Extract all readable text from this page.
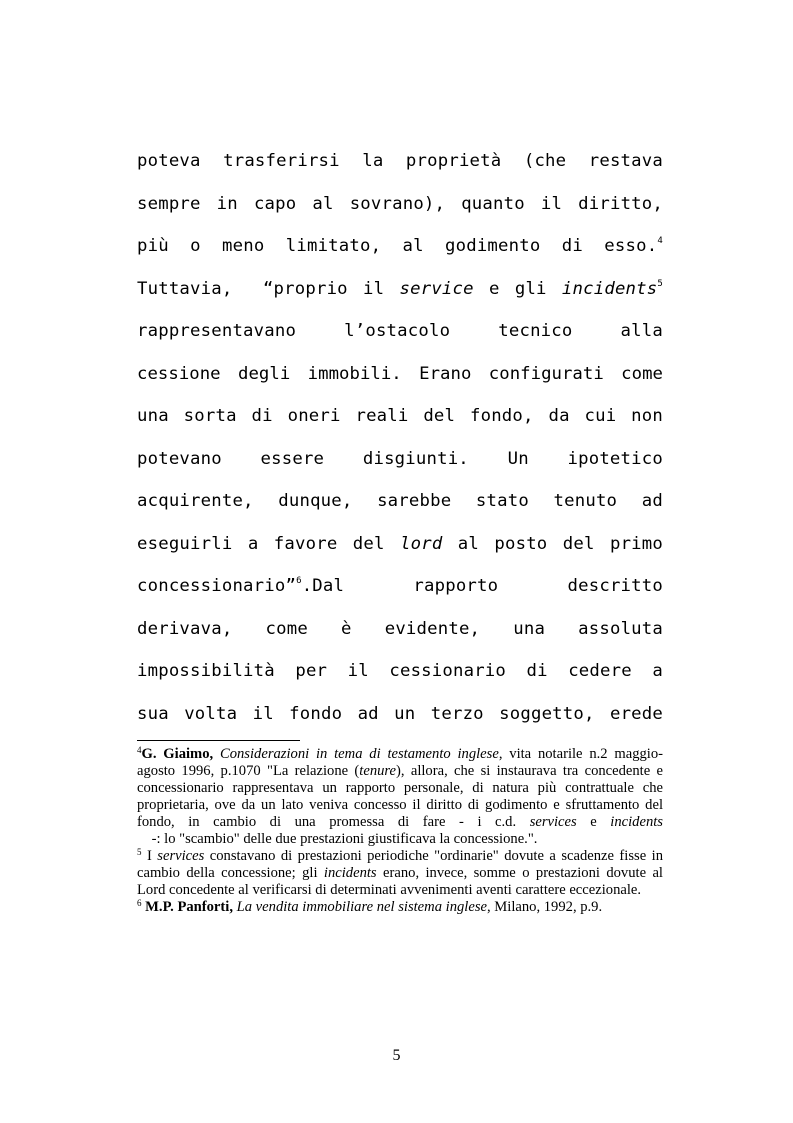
poteva trasferirsi la proprietà (che restava
sempre in capo al sovrano), quanto il diritto,
più o meno limitato, al godimento di esso.$^4$
Tuttavia,  “proprio il service e gli incidents$^5$
rappresentavano	l’ostacolo	tecnico	alla
cessione degli immobili. Erano configurati come
una sorta di oneri reali del fondo, da cui non
potevano essere disgiunti. Un ipotetico
acquirente, dunque, sarebbe stato tenuto ad
eseguirli a favore del lord al posto del primo
concessionario”$^6$.Dal	rapporto	descritto
derivava, come è evidente, una assoluta
impossibilità per il cessionario di cedere a
sua volta il fondo ad un terzo soggetto, erede

$^4$G. Giaimo, Considerazioni in tema di testamento inglese, vita notarile n.2 maggio-agosto 1996, p.1070 "La relazione (tenure), allora, che si instaurava tra concedente e concessionario rappresentava un rapporto personale, di natura più contrattuale che proprietaria, ove da un lato veniva concesso il diritto di godimento e sfruttamento del fondo, in cambio di una promessa di fare - i c.d. services e incidents    -: lo "scambio" delle due prestazioni giustificava la concessione.".

$^5$ I services constavano di prestazioni periodiche "ordinarie" dovute a scadenze fisse in cambio della concessione; gli incidents erano, invece, somme o prestazioni dovute al Lord concedente al verificarsi di determinati avvenimenti aventi carattere eccezionale.

$^6$ M.P. Panforti, La vendita immobiliare nel sistema inglese, Milano, 1992, p.9.

5
